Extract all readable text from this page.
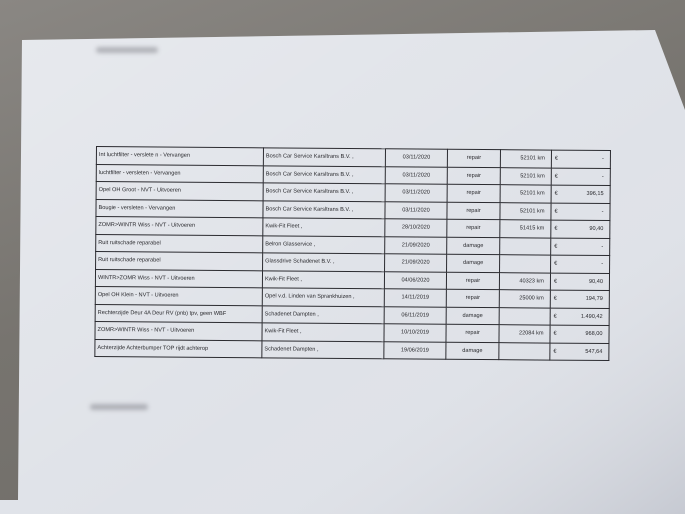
Int luchtfilter - verslete n - Vervangen	Bosch Car Service Karsltrans B.V. ,	03/11/2020	repair	52101 km	€ -
luchtfilter - versleten - Vervangen	Bosch Car Service Karsltrans B.V. ,	03/11/2020	repair	52101 km	€ -
Opel OH Groot - NVT - Uitvoeren	Bosch Car Service Karsltrans B.V. ,	03/11/2020	repair	52101 km	€ 396,15
Bougie - versleten - Vervangen	Bosch Car Service Karsltrans B.V. ,	03/11/2020	repair	52101 km	€ -
ZOMR>WINTR Wiss - NVT - Uitvoeren	Kwik-Fit Fleet ,	28/10/2020	repair	51415 km	€ 90,40
Ruit ruitschade reparabel	Belron Glasservice ,	21/09/2020	damage		€ -
Ruit ruitschade reparabel	Glassdrive Schadenet B.V. ,	21/09/2020	damage		€ -
WINTR>ZOMR Wiss - NVT - Uitvoeren	Kwik-Fit Fleet ,	04/06/2020	repair	40323 km	€ 90,40
Opel OH Klein - NVT - Uitvoeren	Opel v.d. Linden van Sprankhuizen ,	14/11/2019	repair	25000 km	€ 194,79
Rechterzijde Deur 4A Deur RV (pnb) tpv, geen WBF	Schadenet Dampten ,	06/11/2019	damage		€ 1.490,42
ZOMR>WINTR Wiss - NVT - Uitvoeren	Kwik-Fit Fleet ,	10/10/2019	repair	22084 km	€ 968,00
Achterzijde Achterbumper TOP rijdt achterop	Schadenet Dampten ,	19/06/2019	damage		€ 547,64
